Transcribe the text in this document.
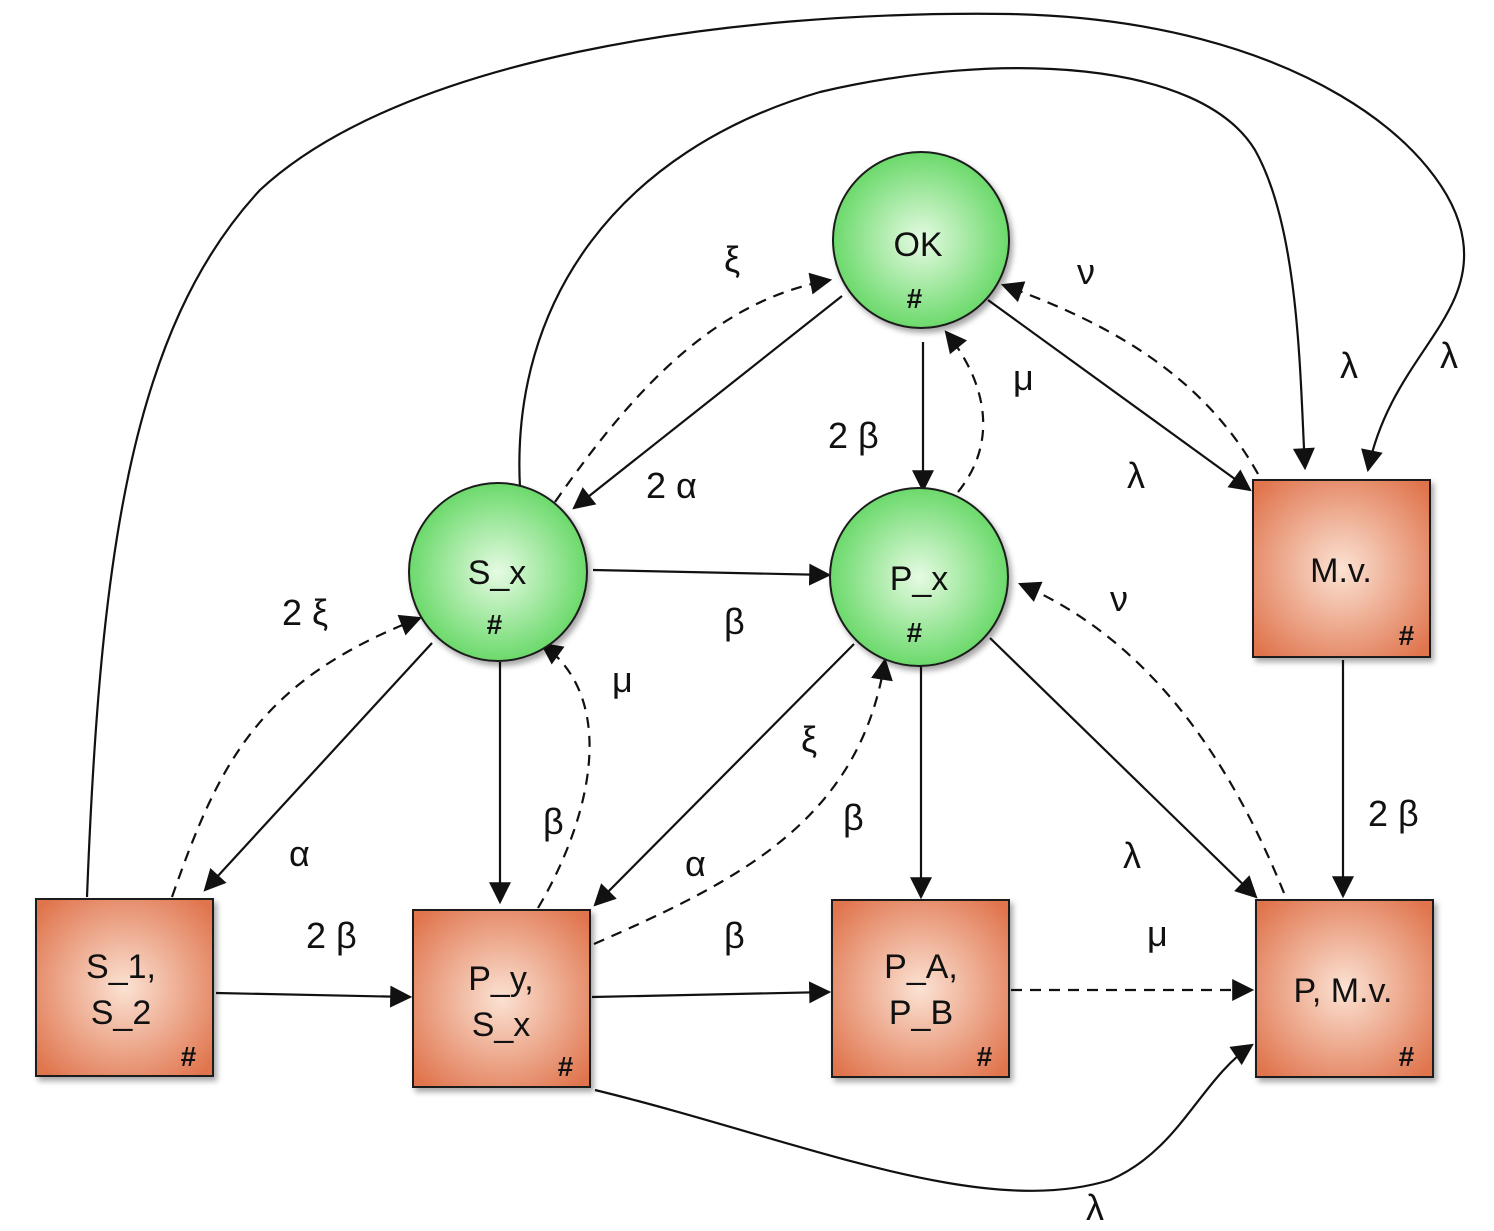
ξ	ν
λ λ
μ
2 β
2 α	λ
β
2 ξ
μ
ν
ξ
β	β	2 β
α	α	λ
2 β	β	μ
λ
OK
#
S_x
#
P_x
#
M.v.
#
S_1,
S_2
#
P_y,
S_x
#
P_A,
P_B
#
P, M.v.
#
